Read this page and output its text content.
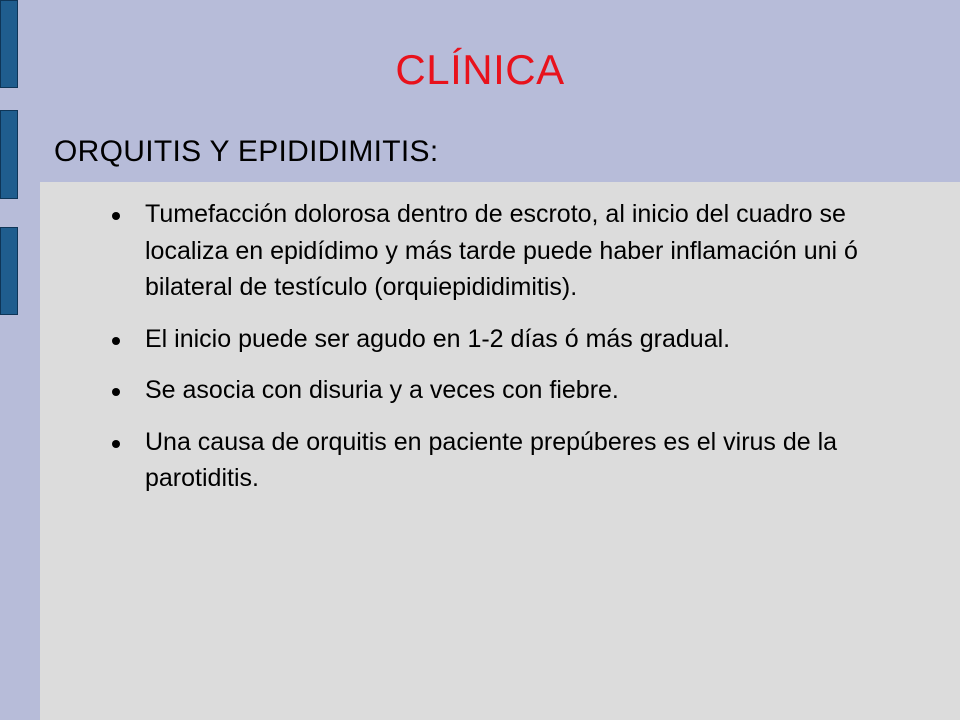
CLÍNICA
ORQUITIS Y EPIDIDIMITIS:
Tumefacción dolorosa dentro de escroto, al inicio del cuadro se localiza en epidídimo y más tarde puede haber inflamación uni ó bilateral de testículo (orquiepididimitis).
El inicio puede ser agudo en 1-2 días ó más gradual.
Se asocia con disuria y a veces con fiebre.
Una causa de orquitis en paciente prepúberes es el virus de la parotiditis.
